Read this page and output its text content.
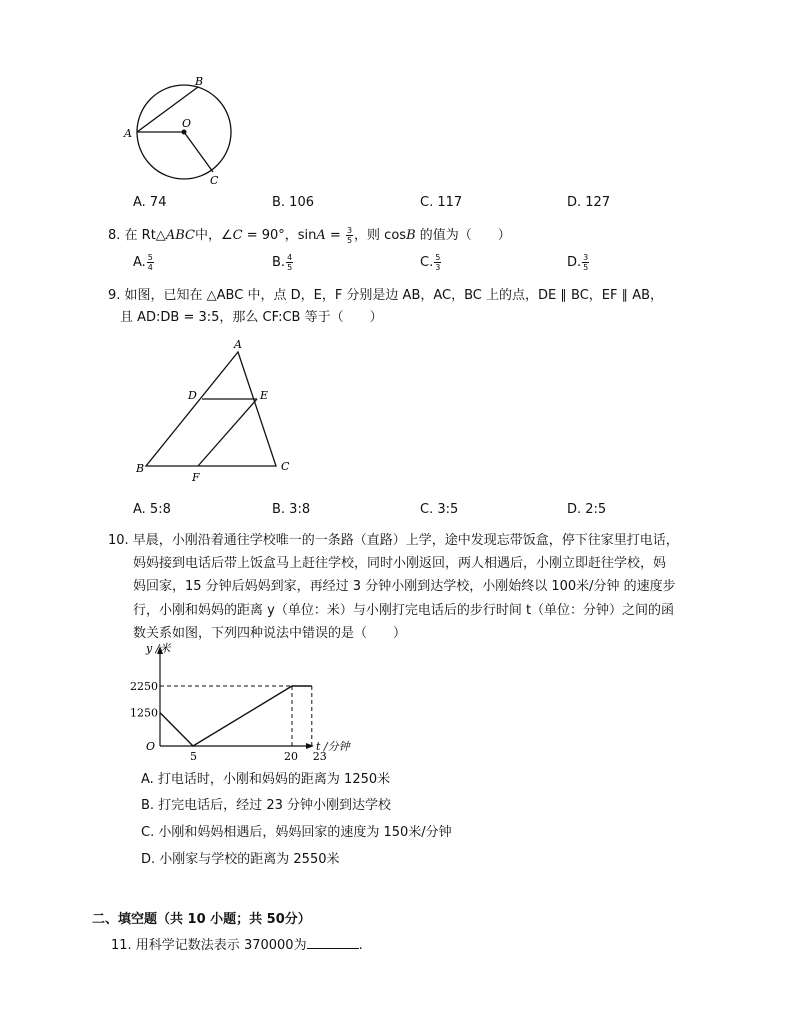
A
B
O
C
A. 74	B. 106	C. 117	D. 127
8. 在 Rt△ABC中，∠C = 90°，$\sin A = \frac{3}{5}$ ，则 cosB 的值为（　　）
A. $\frac{5}{4}$	B. $\frac{4}{5}$	C. $\frac{5}{3}$	D. $\frac{3}{5}$
9. 如图，已知在 △ABC 中，点 D，E，F 分别是边 AB，AC，BC 上的点，DE ∥ BC，EF ∥ AB，
且 AD:DB = 3:5，那么 CF:CB 等于（　　）
A
D	E
B
F
C
A. 5:8	B. 3:8	C. 3:5	D. 2:5
10. 早晨，小刚沿着通往学校唯一的一条路（直路）上学，途中发现忘带饭盒，停下往家里打电话，
妈妈接到电话后带上饭盒马上赶往学校，同时小刚返回，两人相遇后，小刚立即赶往学校，妈
妈回家，15 分钟后妈妈到家，再经过 3 分钟小刚到达学校，小刚始终以 100米/分钟 的速度步
行，小刚和妈妈的距离 y（单位：米）与小刚打完电话后的步行时间 t（单位：分钟）之间的函
数关系如图，下列四种说法中错误的是（　　）
t /分钟
y /米
O
5	20 23
1250
2250
A. 打电话时，小刚和妈妈的距离为 1250米
B. 打完电话后，经过 23 分钟小刚到达学校
C. 小刚和妈妈相遇后，妈妈回家的速度为 150米/分钟
D. 小刚家与学校的距离为 2550米
二、填空题（共 10 小题；共 50分）
11. 用科学记数法表示 370000为	.
